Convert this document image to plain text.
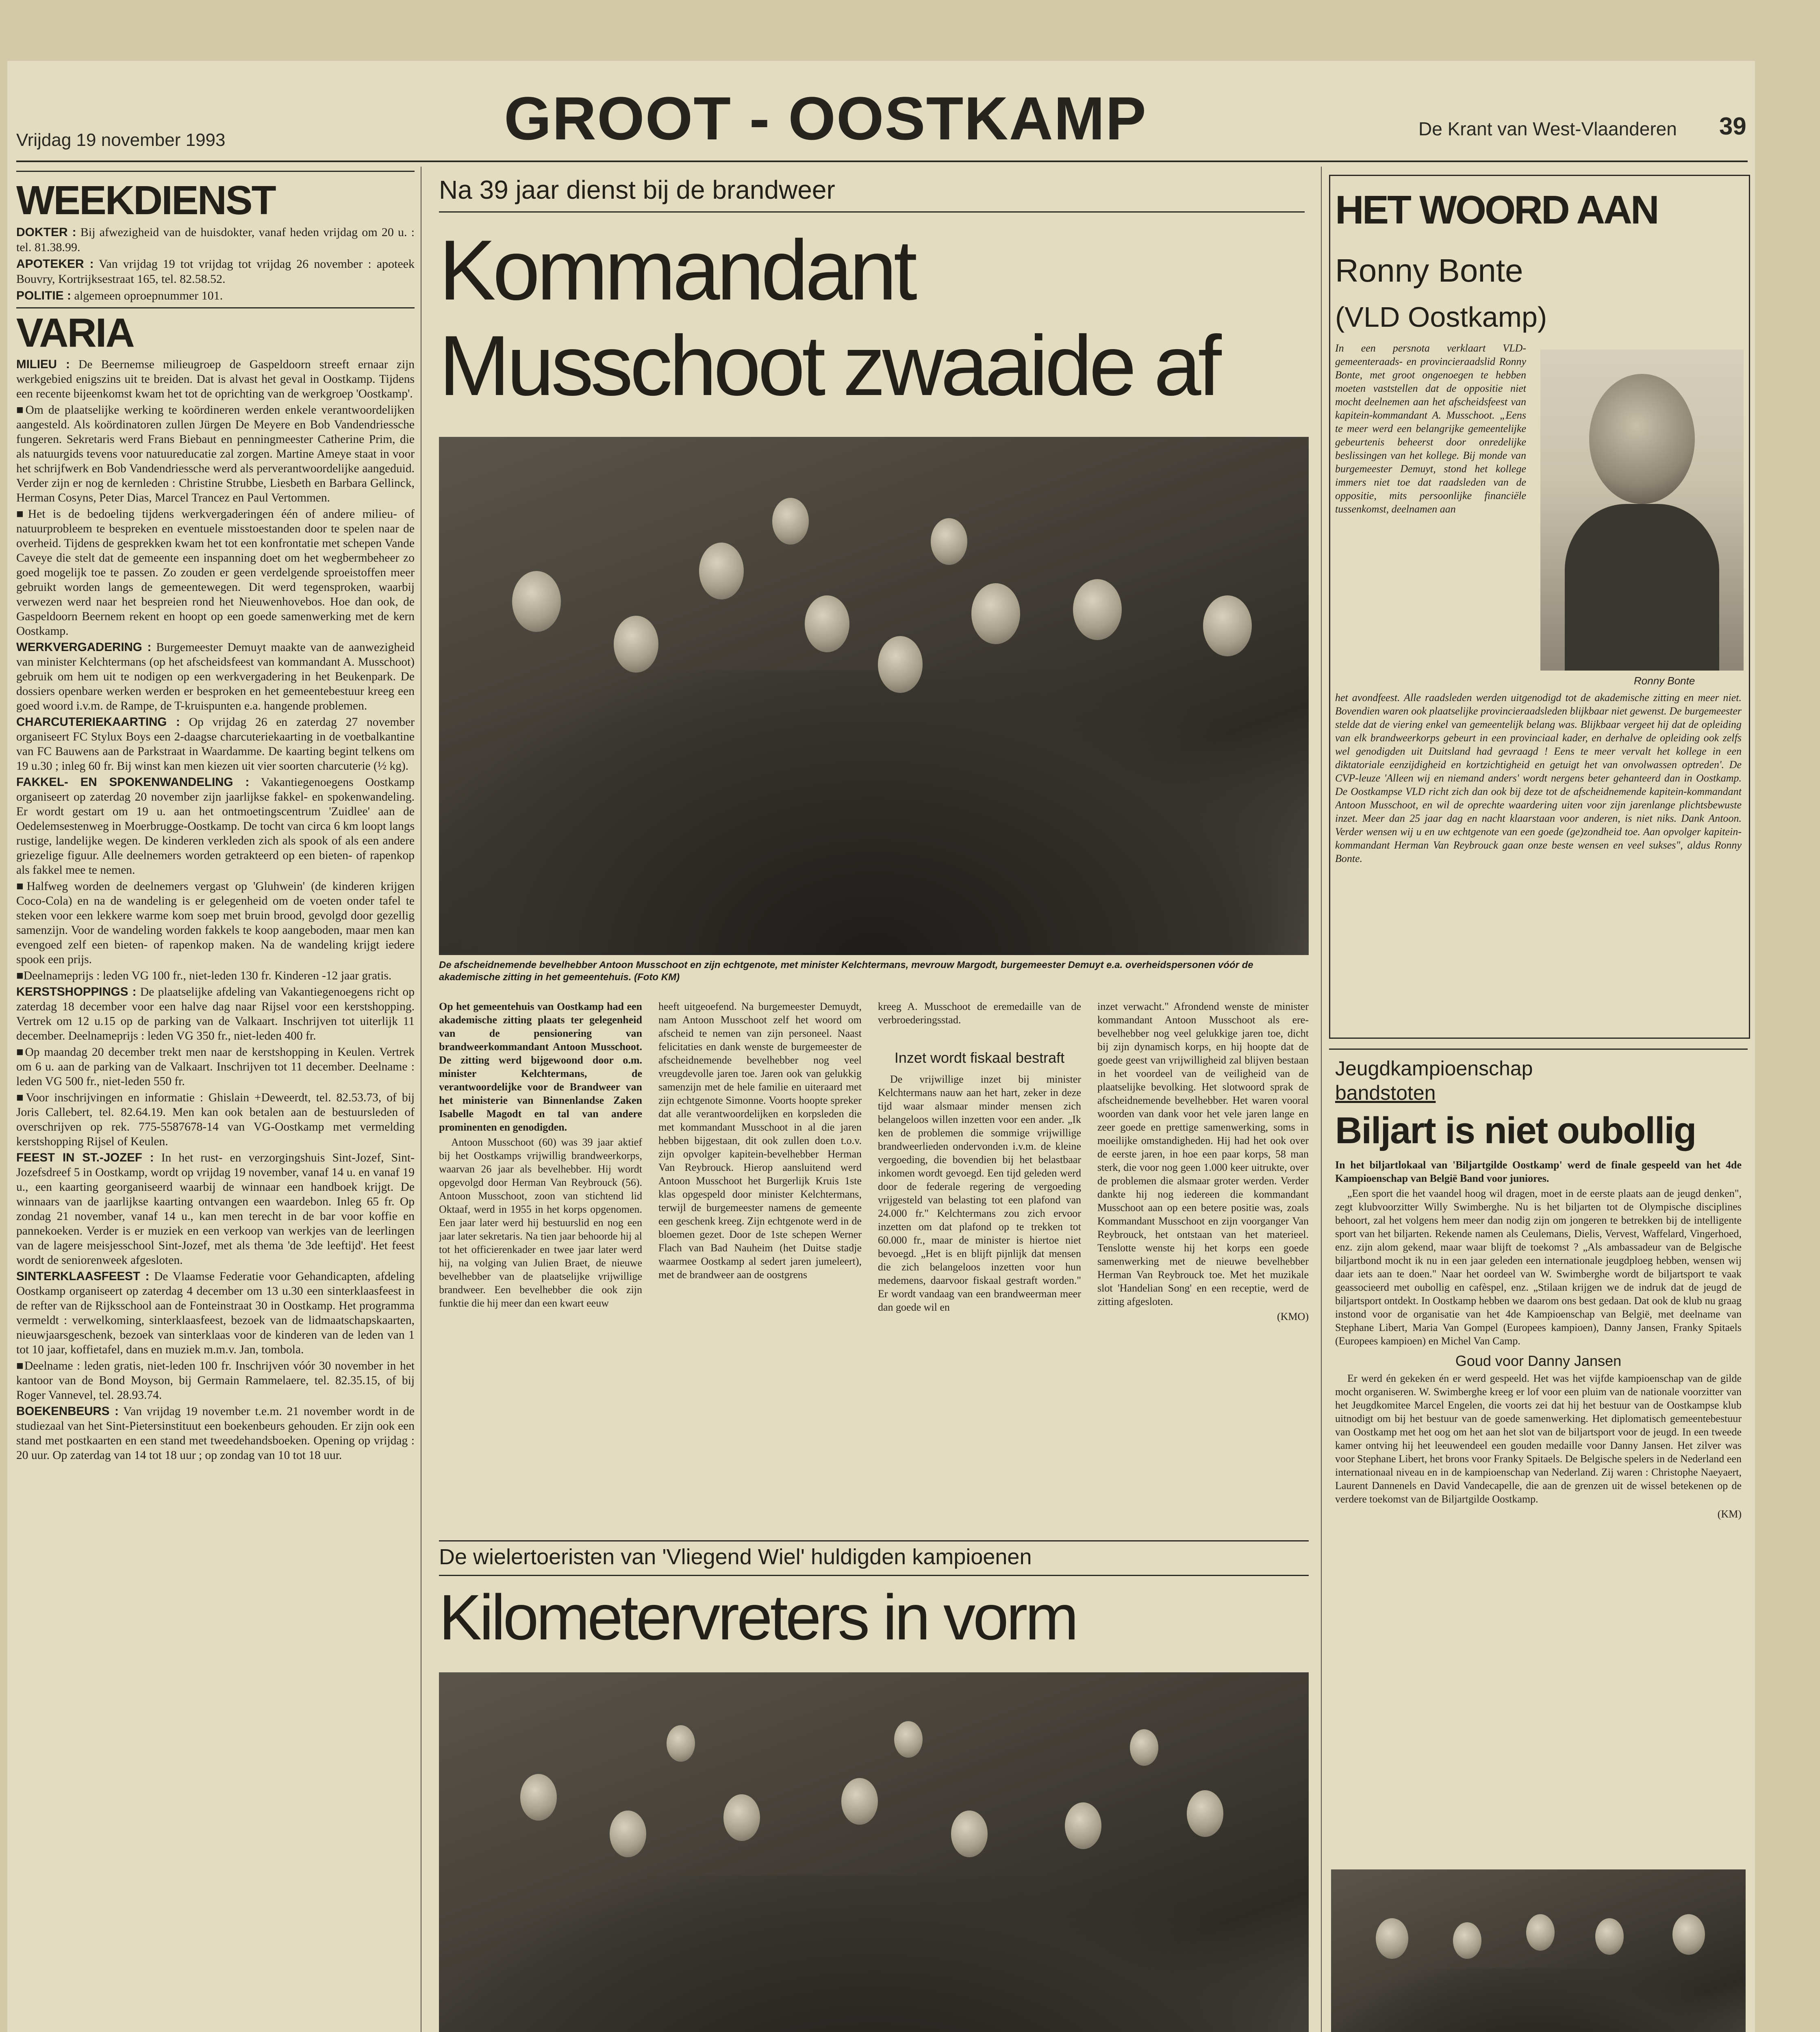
Vrijdag 19 november 1993	GROOT - OOSTKAMP	De Krant van West-Vlaanderen 39
WEEKDIENST

DOKTER : Bij afwezigheid van de huisdokter, vanaf heden vrijdag om 20 u. : tel. 81.38.99.

APOTEKER : Van vrijdag 19 tot vrijdag tot vrijdag 26 november : apoteek Bouvry, Kortrijksestraat 165, tel. 82.58.52.

POLITIE : algemeen oproepnummer 101.

VARIA

MILIEU : De Beernemse milieugroep de Gaspeldoorn streeft ernaar zijn werkgebied enigszins uit te breiden. Dat is alvast het geval in Oostkamp. Tijdens een recente bijeenkomst kwam het tot de oprichting van de werkgroep 'Oostkamp'.

■Om de plaatselijke werking te koördineren werden enkele verantwoordelijken aangesteld. Als koördinatoren zullen Jürgen De Meyere en Bob Vandendriessche fungeren. Sekretaris werd Frans Biebaut en penningmeester Catherine Prim, die als natuurgids tevens voor natuureducatie zal zorgen. Martine Ameye staat in voor het schrijfwerk en Bob Vandendriessche werd als perverantwoordelijke aangeduid. Verder zijn er nog de kernleden : Christine Strubbe, Liesbeth en Barbara Gellinck, Herman Cosyns, Peter Dias, Marcel Trancez en Paul Vertommen.

■Het is de bedoeling tijdens werkvergaderingen één of andere milieu- of natuurprobleem te bespreken en eventuele misstoestanden door te spelen naar de overheid. Tijdens de gesprekken kwam het tot een konfrontatie met schepen Vande Caveye die stelt dat de gemeente een inspanning doet om het wegbermbeheer zo goed mogelijk toe te passen. Zo zouden er geen verdelgende sproeistoffen meer gebruikt worden langs de gemeentewegen. Dit werd tegensproken, waarbij verwezen werd naar het bespreien rond het Nieuwenhovebos. Hoe dan ook, de Gaspeldoorn Beernem rekent en hoopt op een goede samenwerking met de kern Oostkamp.

WERKVERGADERING : Burgemeester Demuyt maakte van de aanwezigheid van minister Kelchtermans (op het afscheidsfeest van kommandant A. Musschoot) gebruik om hem uit te nodigen op een werkvergadering in het Beukenpark. De dossiers openbare werken werden er besproken en het gemeentebestuur kreeg een goed woord i.v.m. de Rampe, de T-kruispunten e.a. hangende problemen.

CHARCUTERIEKAARTING : Op vrijdag 26 en zaterdag 27 november organiseert FC Stylux Boys een 2-daagse charcuteriekaarting in de voetbalkantine van FC Bauwens aan de Parkstraat in Waardamme. De kaarting begint telkens om 19 u.30 ; inleg 60 fr. Bij winst kan men kiezen uit vier soorten charcuterie (½ kg).

FAKKEL- EN SPOKENWANDELING : Vakantiegenoegens Oostkamp organiseert op zaterdag 20 november zijn jaarlijkse fakkel- en spokenwandeling. Er wordt gestart om 19 u. aan het ontmoetingscentrum 'Zuidlee' aan de Oedelemsestenweg in Moerbrugge-Oostkamp. De tocht van circa 6 km loopt langs rustige, landelijke wegen. De kinderen verkleden zich als spook of als een andere griezelige figuur. Alle deelnemers worden getrakteerd op een bieten- of rapenkop als fakkel mee te nemen.

■Halfweg worden de deelnemers vergast op 'Gluhwein' (de kinderen krijgen Coco-Cola) en na de wandeling is er gelegenheid om de voeten onder tafel te steken voor een lekkere warme kom soep met bruin brood, gevolgd door gezellig samenzijn. Voor de wandeling worden fakkels te koop aangeboden, maar men kan evengoed zelf een bieten- of rapenkop maken. Na de wandeling krijgt iedere spook een prijs.

■Deelnameprijs : leden VG 100 fr., niet-leden 130 fr. Kinderen -12 jaar gratis.

KERSTSHOPPINGS : De plaatselijke afdeling van Vakantiegenoegens richt op zaterdag 18 december voor een halve dag naar Rijsel voor een kerstshopping. Vertrek om 12 u.15 op de parking van de Valkaart. Inschrijven tot uiterlijk 11 december. Deelnameprijs : leden VG 350 fr., niet-leden 400 fr.

■Op maandag 20 december trekt men naar de kerstshopping in Keulen. Vertrek om 6 u. aan de parking van de Valkaart. Inschrijven tot 11 december. Deelname : leden VG 500 fr., niet-leden 550 fr.

■Voor inschrijvingen en informatie : Ghislain +Deweerdt, tel. 82.53.73, of bij Joris Callebert, tel. 82.64.19. Men kan ook betalen aan de bestuursleden of overschrijven op rek. 775-5587678-14 van VG-Oostkamp met vermelding kerstshopping Rijsel of Keulen.

FEEST IN ST.-JOZEF : In het rust- en verzorgingshuis Sint-Jozef, Sint-Jozefsdreef 5 in Oostkamp, wordt op vrijdag 19 november, vanaf 14 u. en vanaf 19 u., een kaarting georganiseerd waarbij de winnaar een handboek krijgt. De winnaars van de jaarlijkse kaarting ontvangen een waardebon. Inleg 65 fr. Op zondag 21 november, vanaf 14 u., kan men terecht in de bar voor koffie en pannekoeken. Verder is er muziek en een verkoop van werkjes van de leerlingen van de lagere meisjesschool Sint-Jozef, met als thema 'de 3de leeftijd'. Het feest wordt de seniorenweek afgesloten.

SINTERKLAASFEEST : De Vlaamse Federatie voor Gehandicapten, afdeling Oostkamp organiseert op zaterdag 4 december om 13 u.30 een sinterklaasfeest in de refter van de Rijksschool aan de Fonteinstraat 30 in Oostkamp. Het programma vermeldt : verwelkoming, sinterklaasfeest, bezoek van de lidmaatschapskaarten, nieuwjaarsgeschenk, bezoek van sinterklaas voor de kinderen van de leden van 1 tot 10 jaar, koffietafel, dans en muziek m.m.v. Jan, tombola.

■Deelname : leden gratis, niet-leden 100 fr. Inschrijven vóór 30 november in het kantoor van de Bond Moyson, bij Germain Rammelaere, tel. 82.35.15, of bij Roger Vannevel, tel. 28.93.74.

BOEKENBEURS : Van vrijdag 19 november t.e.m. 21 november wordt in de studiezaal van het Sint-Pietersinstituut een boekenbeurs gehouden. Er zijn ook een stand met postkaarten en een stand met tweedehandsboeken. Opening op vrijdag : 20 uur. Op zaterdag van 14 tot 18 uur ; op zondag van 10 tot 18 uur.

Na 39 jaar dienst bij de brandweer
Kommandant
Musschoot zwaaide af
De afscheidnemende bevelhebber Antoon Musschoot en zijn echtgenote, met minister Kelchtermans, mevrouw Margodt, burgemeester Demuyt e.a. overheidspersonen vóór de akademische zitting in het gemeentehuis. (Foto KM)

Op het gemeentehuis van Oostkamp had een akademische zitting plaats ter gelegenheid van de pensionering van brandweerkommandant Antoon Musschoot. De zitting werd bijgewoond door o.m. minister Kelchtermans, de verantwoordelijke voor de Brandweer van het ministerie van Binnenlandse Zaken Isabelle Magodt en tal van andere prominenten en genodigden.

Antoon Musschoot (60) was 39 jaar aktief bij het Oostkamps vrijwillig brandweerkorps, waarvan 26 jaar als bevelhebber. Hij wordt opgevolgd door Herman Van Reybrouck (56). Antoon Musschoot, zoon van stichtend lid Oktaaf, werd in 1955 in het korps opgenomen. Een jaar later werd hij bestuurslid en nog een jaar later sekretaris. Na tien jaar behoorde hij al tot het officierenkader en twee jaar later werd hij, na volging van Julien Braet, de nieuwe bevelhebber van de plaatselijke vrijwillige brandweer. Een bevelhebber die ook zijn funktie die hij meer dan een kwart eeuw

heeft uitgeoefend. Na burgemeester Demuydt, nam Antoon Musschoot zelf het woord om afscheid te nemen van zijn personeel. Naast felicitaties en dank wenste de burgemeester de afscheidnemende bevelhebber nog veel vreugdevolle jaren toe. Jaren ook van gelukkig samenzijn met de hele familie en uiteraard met zijn echtgenote Simonne. Voorts hoopte spreker dat alle verantwoordelijken en korpsleden die met kommandant Musschoot in al die jaren hebben bijgestaan, dit ook zullen doen t.o.v. zijn opvolger kapitein-bevelhebber Herman Van Reybrouck. Hierop aansluitend werd Antoon Musschoot het Burgerlijk Kruis 1ste klas opgespeld door minister Kelchtermans, terwijl de burgemeester namens de gemeente een geschenk kreeg. Zijn echtgenote werd in de bloemen gezet. Door de 1ste schepen Werner Flach van Bad Nauheim (het Duitse stadje waarmee Oostkamp al sedert jaren jumeleert), met de brandweer aan de oostgrens

kreeg A. Musschoot de eremedaille van de verbroederingsstad.

Inzet wordt fiskaal bestraft

De vrijwillige inzet bij minister Kelchtermans nauw aan het hart, zeker in deze tijd waar alsmaar minder mensen zich belangeloos willen inzetten voor een ander. „Ik ken de problemen die sommige vrijwillige brandweerlieden ondervonden i.v.m. de kleine vergoeding, die bovendien bij het belastbaar inkomen wordt gevoegd. Een tijd geleden werd door de federale regering de vergoeding vrijgesteld van belasting tot een plafond van 24.000 fr." Kelchtermans zou zich ervoor inzetten om dat plafond op te trekken tot 60.000 fr., maar de minister is hiertoe niet bevoegd. „Het is en blijft pijnlijk dat mensen die zich belangeloos inzetten voor hun medemens, daarvoor fiskaal gestraft worden." Er wordt vandaag van een brandweerman meer dan goede wil en

inzet verwacht." Afrondend wenste de minister kommandant Antoon Musschoot als ere-bevelhebber nog veel gelukkige jaren toe, dicht bij zijn dynamisch korps, en hij hoopte dat de goede geest van vrijwilligheid zal blijven bestaan in het voordeel van de veiligheid van de plaatselijke bevolking. Het slotwoord sprak de afscheidnemende bevelhebber. Het waren vooral woorden van dank voor het vele jaren lange en zeer goede en prettige samenwerking, soms in moeilijke omstandigheden. Hij had het ook over de eerste jaren, in hoe een paar korps, 58 man sterk, die voor nog geen 1.000 keer uitrukte, over de problemen die alsmaar groter werden. Verder dankte hij nog iedereen die kommandant Musschoot aan op een betere positie was, zoals Kommandant Musschoot en zijn voorganger Van Reybrouck, het ontstaan van het materieel. Tenslotte wenste hij het korps een goede samenwerking met de nieuwe bevelhebber Herman Van Reybrouck toe. Met het muzikale slot 'Handelian Song' en een receptie, werd de zitting afgesloten.

(KMO)

HET WOORD AAN
Ronny Bonte
(VLD Oostkamp)
In een persnota verklaart VLD-gemeenteraads- en provincieraadslid Ronny Bonte, met groot ongenoegen te hebben moeten vaststellen dat de oppositie niet mocht deelnemen aan het afscheidsfeest van kapitein-kommandant A. Musschoot. „Eens te meer werd een belangrijke gemeentelijke gebeurtenis beheerst door onredelijke beslissingen van het kollege. Bij monde van burgemeester Demuyt, stond het kollege immers niet toe dat raadsleden van de oppositie, mits persoonlijke financiële tussenkomst, deelnamen aan
Ronny Bonte
het avondfeest. Alle raadsleden werden uitgenodigd tot de akademische zitting en meer niet. Bovendien waren ook plaatselijke provincieraadsleden blijkbaar niet gewenst. De burgemeester stelde dat de viering enkel van gemeentelijk belang was. Blijkbaar vergeet hij dat de opleiding van elk brandweerkorps gebeurt in een provinciaal kader, en derhalve de opleiding ook zelfs wel genodigden uit Duitsland had gevraagd ! Eens te meer vervalt het kollege in een diktatoriale eenzijdigheid en kortzichtigheid en getuigt het van onvolwassen optreden'. De CVP-leuze 'Alleen wij en niemand anders' wordt nergens beter gehanteerd dan in Oostkamp. De Oostkampse VLD richt zich dan ook bij deze tot de afscheidnemende kapitein-kommandant Antoon Musschoot, en wil de oprechte waardering uiten voor zijn jarenlange plichtsbewuste inzet. Meer dan 25 jaar dag en nacht klaarstaan voor anderen, is niet niks. Dank Antoon. Verder wensen wij u en uw echtgenote van een goede (ge)zondheid toe. Aan opvolger kapitein-kommandant Herman Van Reybrouck gaan onze beste wensen en veel sukses", aldus Ronny Bonte.
Jeugdkampioenschap
bandstoten
Biljart is niet oubollig

In het biljartlokaal van 'Biljartgilde Oostkamp' werd de finale gespeeld van het 4de Kampioenschap van België Band voor juniores.

„Een sport die het vaandel hoog wil dragen, moet in de eerste plaats aan de jeugd denken", zegt klubvoorzitter Willy Swimberghe. Nu is het biljarten tot de Olympische disciplines behoort, zal het volgens hem meer dan nodig zijn om jongeren te betrekken bij de intelligente sport van het biljarten. Rekende namen als Ceulemans, Dielis, Vervest, Waffelard, Vingerhoed, enz. zijn alom gekend, maar waar blijft de toekomst ? „Als ambassadeur van de Belgische biljartbond mocht ik nu in een jaar geleden een internationale jeugdploeg hebben, wensen wij daar iets aan te doen." Naar het oordeel van W. Swimberghe wordt de biljartsport te vaak geassocieerd met oubollig en cafèspel, enz. „Stilaan krijgen we de indruk dat de jeugd de biljartsport ontdekt. In Oostkamp hebben we daarom ons best gedaan. Dat ook de klub nu graag instond voor de organisatie van het 4de Kampioenschap van België, met deelname van Stephane Libert, Maria Van Gompel (Europees kampioen), Danny Jansen, Franky Spitaels (Europees kampioen) en Michel Van Camp.

Goud voor Danny Jansen

Er werd én gekeken én er werd gespeeld. Het was het vijfde kampioenschap van de gilde mocht organiseren. W. Swimberghe kreeg er lof voor een pluim van de nationale voorzitter van het Jeugdkomitee Marcel Engelen, die voorts zei dat hij het bestuur van de Oostkampse klub uitnodigt om bij het bestuur van de goede samenwerking. Het diplomatisch gemeentebestuur van Oostkamp met het oog om het aan het slot van de biljartsport voor de jeugd. In een tweede kamer ontving hij het leeuwendeel een gouden medaille voor Danny Jansen. Het zilver was voor Stephane Libert, het brons voor Franky Spitaels. De Belgische spelers in de Nederland een internationaal niveau en in de kampioenschap van Nederland. Zij waren : Christophe Naeyaert, Laurent Dannenels en David Vandecapelle, die aan de grenzen uit de wissel betekenen op de verdere toekomst van de Biljartgilde Oostkamp.

(KM)

De wielertoeristen van 'Vliegend Wiel' huldigden kampioenen
Kilometervreters in vorm
